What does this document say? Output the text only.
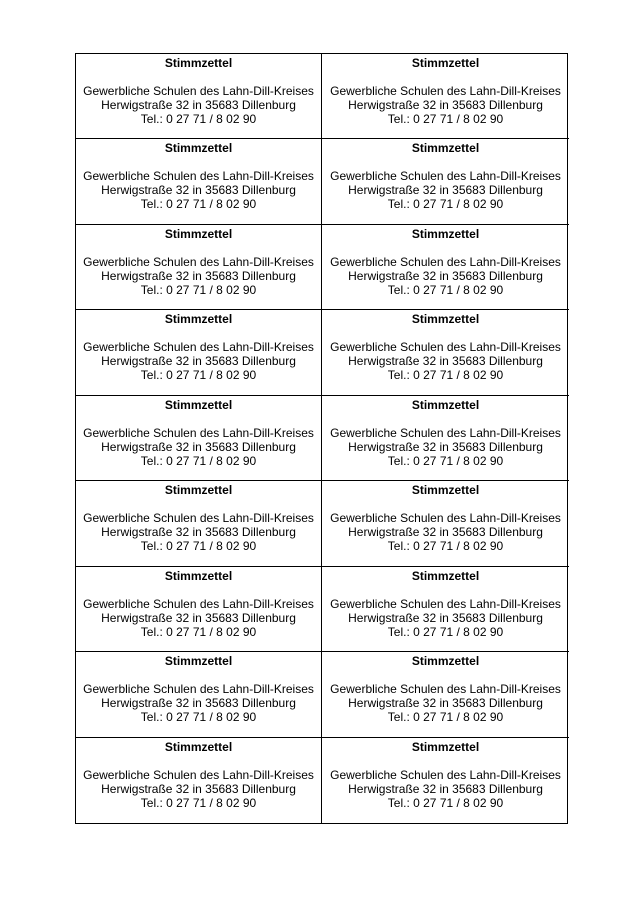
Stimmzettel
Gewerbliche Schulen des Lahn-Dill-Kreises
Herwigstraße 32 in 35683 Dillenburg
Tel.: 0 27 71 / 8 02 90
Stimmzettel
Gewerbliche Schulen des Lahn-Dill-Kreises
Herwigstraße 32 in 35683 Dillenburg
Tel.: 0 27 71 / 8 02 90
Stimmzettel
Gewerbliche Schulen des Lahn-Dill-Kreises
Herwigstraße 32 in 35683 Dillenburg
Tel.: 0 27 71 / 8 02 90
Stimmzettel
Gewerbliche Schulen des Lahn-Dill-Kreises
Herwigstraße 32 in 35683 Dillenburg
Tel.: 0 27 71 / 8 02 90
Stimmzettel
Gewerbliche Schulen des Lahn-Dill-Kreises
Herwigstraße 32 in 35683 Dillenburg
Tel.: 0 27 71 / 8 02 90
Stimmzettel
Gewerbliche Schulen des Lahn-Dill-Kreises
Herwigstraße 32 in 35683 Dillenburg
Tel.: 0 27 71 / 8 02 90
Stimmzettel
Gewerbliche Schulen des Lahn-Dill-Kreises
Herwigstraße 32 in 35683 Dillenburg
Tel.: 0 27 71 / 8 02 90
Stimmzettel
Gewerbliche Schulen des Lahn-Dill-Kreises
Herwigstraße 32 in 35683 Dillenburg
Tel.: 0 27 71 / 8 02 90
Stimmzettel
Gewerbliche Schulen des Lahn-Dill-Kreises
Herwigstraße 32 in 35683 Dillenburg
Tel.: 0 27 71 / 8 02 90
Stimmzettel
Gewerbliche Schulen des Lahn-Dill-Kreises
Herwigstraße 32 in 35683 Dillenburg
Tel.: 0 27 71 / 8 02 90
Stimmzettel
Gewerbliche Schulen des Lahn-Dill-Kreises
Herwigstraße 32 in 35683 Dillenburg
Tel.: 0 27 71 / 8 02 90
Stimmzettel
Gewerbliche Schulen des Lahn-Dill-Kreises
Herwigstraße 32 in 35683 Dillenburg
Tel.: 0 27 71 / 8 02 90
Stimmzettel
Gewerbliche Schulen des Lahn-Dill-Kreises
Herwigstraße 32 in 35683 Dillenburg
Tel.: 0 27 71 / 8 02 90
Stimmzettel
Gewerbliche Schulen des Lahn-Dill-Kreises
Herwigstraße 32 in 35683 Dillenburg
Tel.: 0 27 71 / 8 02 90
Stimmzettel
Gewerbliche Schulen des Lahn-Dill-Kreises
Herwigstraße 32 in 35683 Dillenburg
Tel.: 0 27 71 / 8 02 90
Stimmzettel
Gewerbliche Schulen des Lahn-Dill-Kreises
Herwigstraße 32 in 35683 Dillenburg
Tel.: 0 27 71 / 8 02 90
Stimmzettel
Gewerbliche Schulen des Lahn-Dill-Kreises
Herwigstraße 32 in 35683 Dillenburg
Tel.: 0 27 71 / 8 02 90
Stimmzettel
Gewerbliche Schulen des Lahn-Dill-Kreises
Herwigstraße 32 in 35683 Dillenburg
Tel.: 0 27 71 / 8 02 90
